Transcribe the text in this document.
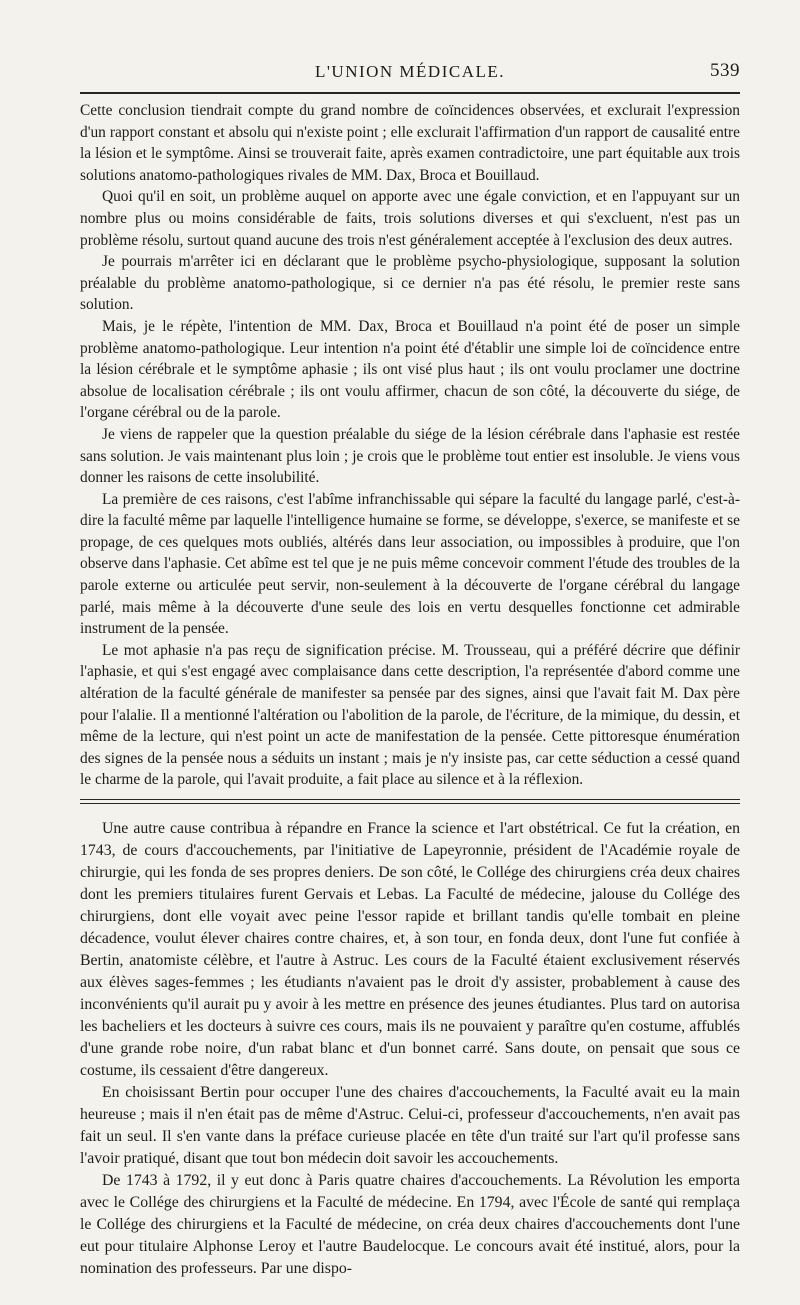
L'UNION MÉDICALE.	539

Cette conclusion tiendrait compte du grand nombre de coïncidences observées, et exclurait l'expression d'un rapport constant et absolu qui n'existe point ; elle exclurait l'affirmation d'un rapport de causalité entre la lésion et le symptôme. Ainsi se trouverait faite, après examen contradictoire, une part équitable aux trois solutions anatomo-pathologiques rivales de MM. Dax, Broca et Bouillaud.

Quoi qu'il en soit, un problème auquel on apporte avec une égale conviction, et en l'appuyant sur un nombre plus ou moins considérable de faits, trois solutions diverses et qui s'excluent, n'est pas un problème résolu, surtout quand aucune des trois n'est généralement acceptée à l'exclusion des deux autres.

Je pourrais m'arrêter ici en déclarant que le problème psycho-physiologique, supposant la solution préalable du problème anatomo-pathologique, si ce dernier n'a pas été résolu, le premier reste sans solution.

Mais, je le répète, l'intention de MM. Dax, Broca et Bouillaud n'a point été de poser un simple problème anatomo-pathologique. Leur intention n'a point été d'établir une simple loi de coïncidence entre la lésion cérébrale et le symptôme aphasie ; ils ont visé plus haut ; ils ont voulu proclamer une doctrine absolue de localisation cérébrale ; ils ont voulu affirmer, chacun de son côté, la découverte du siége, de l'organe cérébral ou de la parole.

Je viens de rappeler que la question préalable du siége de la lésion cérébrale dans l'aphasie est restée sans solution. Je vais maintenant plus loin ; je crois que le problème tout entier est insoluble. Je viens vous donner les raisons de cette insolubilité.

La première de ces raisons, c'est l'abîme infranchissable qui sépare la faculté du langage parlé, c'est-à-dire la faculté même par laquelle l'intelligence humaine se forme, se développe, s'exerce, se manifeste et se propage, de ces quelques mots oubliés, altérés dans leur association, ou impossibles à produire, que l'on observe dans l'aphasie. Cet abîme est tel que je ne puis même concevoir comment l'étude des troubles de la parole externe ou articulée peut servir, non-seulement à la découverte de l'organe cérébral du langage parlé, mais même à la découverte d'une seule des lois en vertu desquelles fonctionne cet admirable instrument de la pensée.

Le mot aphasie n'a pas reçu de signification précise. M. Trousseau, qui a préféré décrire que définir l'aphasie, et qui s'est engagé avec complaisance dans cette description, l'a représentée d'abord comme une altération de la faculté générale de manifester sa pensée par des signes, ainsi que l'avait fait M. Dax père pour l'alalie. Il a mentionné l'altération ou l'abolition de la parole, de l'écriture, de la mimique, du dessin, et même de la lecture, qui n'est point un acte de manifestation de la pensée. Cette pittoresque énumération des signes de la pensée nous a séduits un instant ; mais je n'y insiste pas, car cette séduction a cessé quand le charme de la parole, qui l'avait produite, a fait place au silence et à la réflexion.

Une autre cause contribua à répandre en France la science et l'art obstétrical. Ce fut la création, en 1743, de cours d'accouchements, par l'initiative de Lapeyronnie, président de l'Académie royale de chirurgie, qui les fonda de ses propres deniers. De son côté, le Collége des chirurgiens créa deux chaires dont les premiers titulaires furent Gervais et Lebas. La Faculté de médecine, jalouse du Collége des chirurgiens, dont elle voyait avec peine l'essor rapide et brillant tandis qu'elle tombait en pleine décadence, voulut élever chaires contre chaires, et, à son tour, en fonda deux, dont l'une fut confiée à Bertin, anatomiste célèbre, et l'autre à Astruc. Les cours de la Faculté étaient exclusivement réservés aux élèves sages-femmes ; les étudiants n'avaient pas le droit d'y assister, probablement à cause des inconvénients qu'il aurait pu y avoir à les mettre en présence des jeunes étudiantes. Plus tard on autorisa les bacheliers et les docteurs à suivre ces cours, mais ils ne pouvaient y paraître qu'en costume, affublés d'une grande robe noire, d'un rabat blanc et d'un bonnet carré. Sans doute, on pensait que sous ce costume, ils cessaient d'être dangereux.

En choisissant Bertin pour occuper l'une des chaires d'accouchements, la Faculté avait eu la main heureuse ; mais il n'en était pas de même d'Astruc. Celui-ci, professeur d'accouchements, n'en avait pas fait un seul. Il s'en vante dans la préface curieuse placée en tête d'un traité sur l'art qu'il professe sans l'avoir pratiqué, disant que tout bon médecin doit savoir les accouchements.

De 1743 à 1792, il y eut donc à Paris quatre chaires d'accouchements. La Révolution les emporta avec le Collége des chirurgiens et la Faculté de médecine. En 1794, avec l'École de santé qui remplaça le Collége des chirurgiens et la Faculté de médecine, on créa deux chaires d'accouchements dont l'une eut pour titulaire Alphonse Leroy et l'autre Baudelocque. Le concours avait été institué, alors, pour la nomination des professeurs. Par une dispo-
